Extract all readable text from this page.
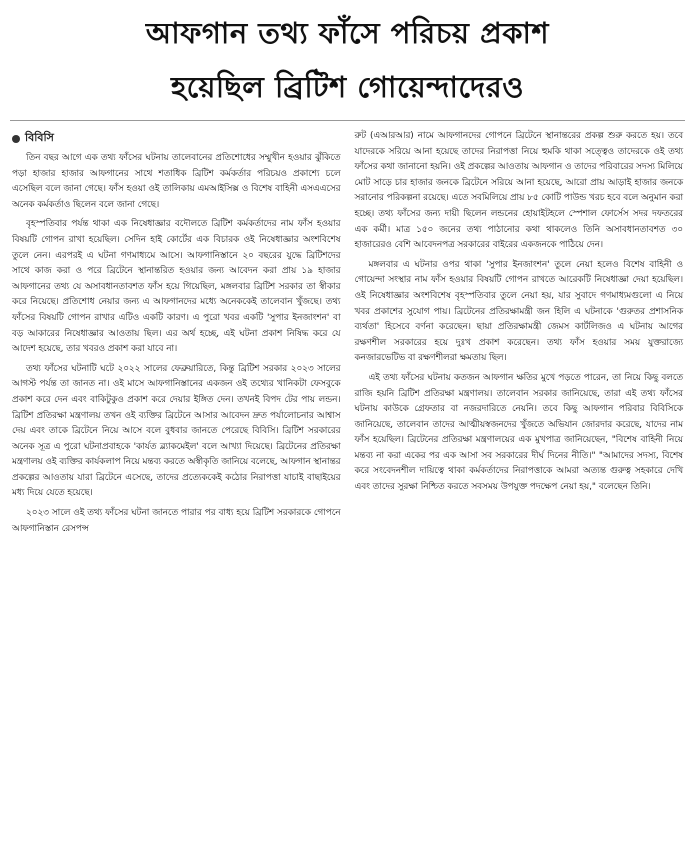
আফগান তথ্য ফাঁসে পরিচয় প্রকাশ
হয়েছিল ব্রিটিশ গোয়েন্দাদেরও
বিবিসি

তিন বছর আগে এক তথ্য ফাঁসের ঘটনায় তালেবানের প্রতিশোধের সম্মুখীন হওয়ার ঝুঁকিতে পড়া হাজার হাজার আফগানের সাথে শতাধিক ব্রিটিশ কর্মকর্তার পরিচয়ও প্রকাশ্যে চলে এসেছিল বলে জানা গেছে। ফাঁস হওয়া ওই তালিকায় এমআইসিক্স ও বিশেষ বাহিনী এসএএসের অনেক কর্মকর্তাও ছিলেন বলে জানা গেছে।

বৃহস্পতিবার পর্যন্ত থাকা এক নিষেধাজ্ঞার বদৌলতে ব্রিটিশ কর্মকর্তাদের নাম ফাঁস হওয়ার বিষয়টি গোপন রাখা হয়েছিল। সেদিন হাই কোর্টের এক বিচারক ওই নিষেধাজ্ঞার অংশবিশেষ তুলে নেন। এরপরই এ ঘটনা গণমাধ্যমে আসে। আফগানিস্তানে ২০ বছরের যুদ্ধে ব্রিটিশদের সাথে কাজ করা ও পরে ব্রিটেনে স্থানান্তরিত হওয়ার জন্য আবেদন করা প্রায় ১৯ হাজার আফগানের তথ্য যে অসাবধানতাবশত ফাঁস হয়ে গিয়েছিল, মঙ্গলবার ব্রিটিশ সরকার তা স্বীকার করে নিয়েছে। প্রতিশোধ নেয়ার জন্য এ আফগানদের মধ্যে অনেককেই তালেবান খুঁজছে। তথ্য ফাঁসের বিষয়টি গোপন রাখার এটিও একটি কারণ। এ পুরো খবর একটি 'সুপার ইনজাংশন' বা বড় আকারের নিষেধাজ্ঞার আওতায় ছিল। এর অর্থ হচ্ছে, এই ঘটনা প্রকাশ নিষিদ্ধ করে যে আদেশ হয়েছে, তার খবরও প্রকাশ করা যাবে না।

তথ্য ফাঁসের ঘটনাটি ঘটে ২০২২ সালের ফেব্রুয়ারিতে, কিন্তু ব্রিটিশ সরকার ২০২৩ সালের আগস্ট পর্যন্ত তা জানত না। ওই মাসে আফগানিস্তানের একজন ওই তথ্যের খানিকটা ফেসবুকে প্রকাশ করে দেন এবং বাকিটুকুও প্রকাশ করে দেয়ার ইঙ্গিত দেন। তখনই বিপদ টের পায় লন্ডন। ব্রিটিশ প্রতিরক্ষা মন্ত্রণালয় তখন ওই ব্যক্তির ব্রিটেনে আসার আবেদন দ্রুত পর্যালোচনার আশ্বাস দেয় এবং তাকে ব্রিটেনে নিয়ে আসে বলে বুধবার জানতে পেরেছে বিবিসি। ব্রিটিশ সরকারের অনেক সূত্র এ পুরো ঘটনাপ্রবাহকে 'কার্যত ব্ল্যাকমেইল' বলে আখ্যা দিয়েছে। ব্রিটেনের প্রতিরক্ষা মন্ত্রণালয় ওই ব্যক্তির কার্যকলাপ নিয়ে মন্তব্য করতে অস্বীকৃতি জানিয়ে বলেছে, আফগান স্থানান্তর প্রকল্পের আওতায় যারা ব্রিটেনে এসেছে, তাদের প্রত্যেককেই কঠোর নিরাপত্তা যাচাই বাছাইয়ের মধ্য দিয়ে যেতে হয়েছে।

২০২৩ সালে ওই তথ্য ফাঁসের ঘটনা জানতে পারার পর বাধ্য হয়ে ব্রিটিশ সরকারকে গোপনে আফগানিস্তান রেসপন্স

রুট (এআরআর) নামে আফগানদের গোপনে ব্রিটেনে স্থানান্তরের প্রকল্প শুরু করতে হয়। তবে যাদেরকে সরিয়ে আনা হয়েছে তাদের নিরাপত্তা নিয়ে হুমকি থাকা সত্ত্বেও তাদেরকে ওই তথ্য ফাঁসের কথা জানানো হয়নি। ওই প্রকল্পের আওতায় আফগান ও তাদের পরিবারের সদস্য মিলিয়ে মোট সাড়ে চার হাজার জনকে ব্রিটেনে সরিয়ে আনা হয়েছে, আরো প্রায় আড়াই হাজার জনকে সরানোর পরিকল্পনা রয়েছে। এতে সবমিলিয়ে প্রায় ৮৫ কোটি পাউন্ড খরচ হবে বলে অনুমান করা হচ্ছে। তথ্য ফাঁসের জন্য দায়ী ছিলেন লন্ডনের হোয়াইটহলে স্পেশাল ফোর্সেস সদর দফতরের এক কর্মী। মাত্র ১৫০ জনের তথ্য পাঠানোর কথা থাকলেও তিনি অসাবধানতাবশত ৩০ হাজারেরও বেশি আবেদনপত্র সরকারের বাইরের একজনকে পাঠিয়ে দেন।

মঙ্গলবার এ ঘটনার ওপর থাকা 'সুপার ইনজাংশন' তুলে নেয়া হলেও বিশেষ বাহিনী ও গোয়েন্দা সংস্থার নাম ফাঁস হওয়ার বিষয়টি গোপন রাখতে আরেকটি নিষেধাজ্ঞা দেয়া হয়েছিল। ওই নিষেধাজ্ঞার অংশবিশেষ বৃহস্পতিবার তুলে নেয়া হয়, যার সুবাদে গণমাধ্যমগুলো এ নিয়ে খবর প্রকাশের সুযোগ পায়। ব্রিটেনের প্রতিরক্ষামন্ত্রী জন হিলি এ ঘটনাকে 'গুরুতর প্রশাসনিক ব্যর্থতা' হিসেবে বর্ণনা করেছেন। ছায়া প্রতিরক্ষামন্ত্রী জেমস কার্টলিজও এ ঘটনায় আগের রক্ষণশীল সরকারের হয়ে দুঃখ প্রকাশ করেছেন। তথ্য ফাঁস হওয়ার সময় যুক্তরাজ্যে কনজারভেটিভ বা রক্ষণশীলরা ক্ষমতায় ছিল।

এই তথ্য ফাঁসের ঘটনায় কতজন আফগান ক্ষতির মুখে পড়তে পারেন, তা নিয়ে কিছু বলতে রাজি হয়নি ব্রিটিশ প্রতিরক্ষা মন্ত্রণালয়। তালেবান সরকার জানিয়েছে, তারা এই তথ্য ফাঁসের ঘটনায় কাউকে গ্রেফতার বা নজরদারিতে নেয়নি। তবে কিছু আফগান পরিবার বিবিসিকে জানিয়েছে, তালেবান তাদের আত্মীয়স্বজনদের খুঁজতে অভিযান জোরদার করেছে, যাদের নাম ফাঁস হয়েছিল। ব্রিটেনের প্রতিরক্ষা মন্ত্রণালয়ের এক মুখপাত্র জানিয়েছেন, "বিশেষ বাহিনী নিয়ে মন্তব্য না করা একের পর এক আসা সব সরকারের দীর্ঘ দিনের নীতি।" "আমাদের সদস্য, বিশেষ করে সংবেদনশীল দায়িত্বে থাকা কর্মকর্তাদের নিরাপত্তাকে আমরা অত্যন্ত গুরুত্ব সহকারে দেখি এবং তাদের সুরক্ষা নিশ্চিত করতে সবসময় উপযুক্ত পদক্ষেপ নেয়া হয়," বলেছেন তিনি।
